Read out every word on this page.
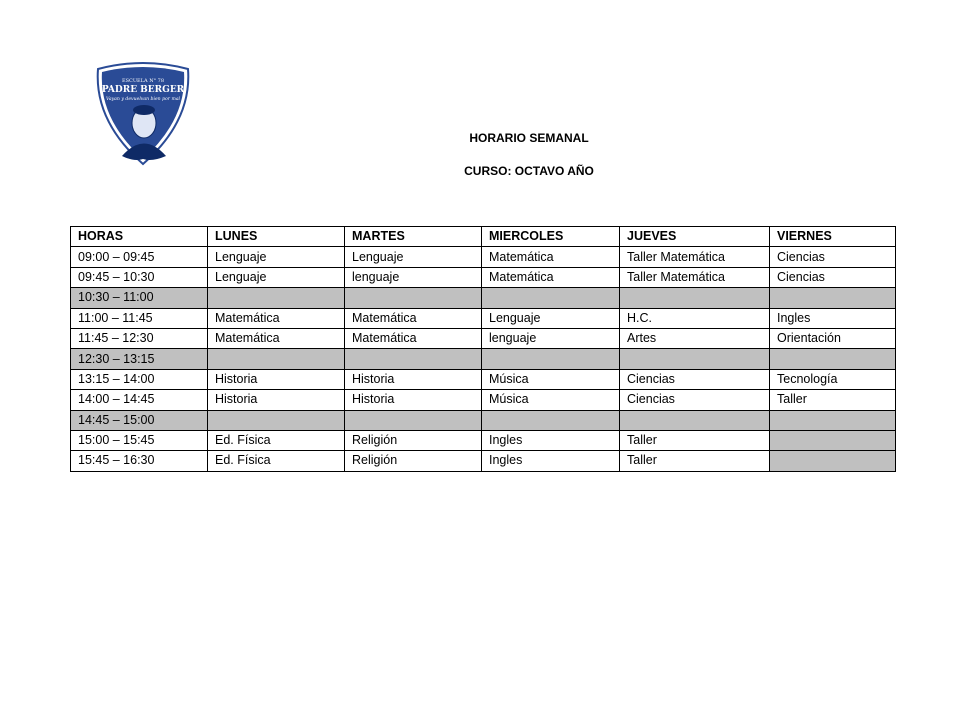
ESCUELA N° 78
PADRE BERGER
Vayan y devuelvan bien por mal
HORARIO SEMANAL
CURSO: OCTAVO AÑO
HORAS	LUNES	MARTES	MIERCOLES	JUEVES	VIERNES
09:00 – 09:45	Lenguaje	Lenguaje	Matemática	Taller Matemática	Ciencias
09:45 – 10:30	Lenguaje	lenguaje	Matemática	Taller Matemática	Ciencias
10:30 – 11:00					
11:00 – 11:45	Matemática	Matemática	Lenguaje	H.C.	Ingles
11:45 – 12:30	Matemática	Matemática	lenguaje	Artes	Orientación
12:30 – 13:15					
13:15 – 14:00	Historia	Historia	Música	Ciencias	Tecnología
14:00 – 14:45	Historia	Historia	Música	Ciencias	Taller
14:45 – 15:00					
15:00 – 15:45	Ed. Física	Religión	Ingles	Taller	
15:45 – 16:30	Ed. Física	Religión	Ingles	Taller	
